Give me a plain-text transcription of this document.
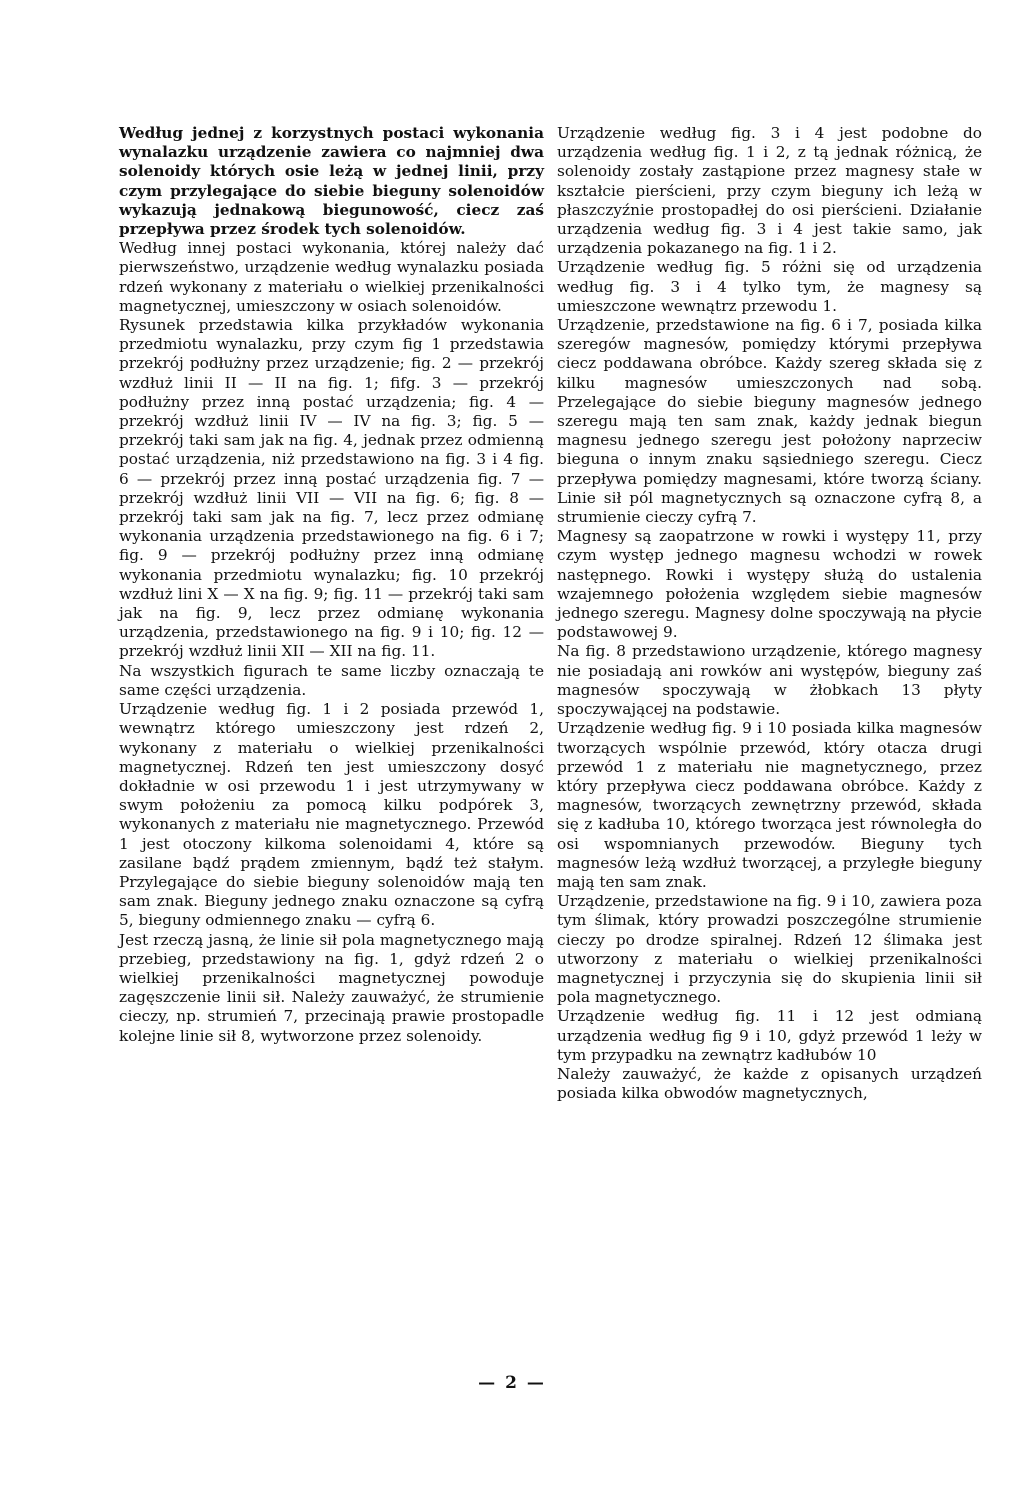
Według jednej z korzystnych postaci wykonania wynalazku urządzenie zawiera co najmniej dwa solenoidy których osie leżą w jednej linii, przy czym przylegające do siebie bieguny solenoidów wykazują jednakową biegunowość, ciecz zaś przepływa przez środek tych solenoidów.

Według innej postaci wykonania, której należy dać pierwszeństwo, urządzenie według wynalazku posiada rdzeń wykonany z materiału o wielkiej przenikalności magnetycznej, umieszczony w osiach solenoidów.

Rysunek przedstawia kilka przykładów wykonania przedmiotu wynalazku, przy czym fig 1 przedstawia przekrój podłużny przez urządzenie; fig. 2 — przekrój wzdłuż linii II — II na fig. 1; fifg. 3 — przekrój podłużny przez inną postać urządzenia; fig. 4 — przekrój wzdłuż linii IV — IV na fig. 3; fig. 5 — przekrój taki sam jak na fig. 4, jednak przez odmienną postać urządzenia, niż przedstawiono na fig. 3 i 4 fig. 6 — przekrój przez inną postać urządzenia fig. 7 — przekrój wzdłuż linii VII — VII na fig. 6; fig. 8 — przekrój taki sam jak na fig. 7, lecz przez odmianę wykonania urządzenia przedstawionego na fig. 6 i 7; fig. 9 — przekrój podłużny przez inną odmianę wykonania przedmiotu wynalazku; fig. 10 przekrój wzdłuż lini X — X na fig. 9; fig. 11 — przekrój taki sam jak na fig. 9, lecz przez odmianę wykonania urządzenia, przedstawionego na fig. 9 i 10; fig. 12 — przekrój wzdłuż linii XII — XII na fig. 11.

Na wszystkich figurach te same liczby oznaczają te same części urządzenia.

Urządzenie według fig. 1 i 2 posiada przewód 1, wewnątrz którego umieszczony jest rdzeń 2, wykonany z materiału o wielkiej przenikalności magnetycznej. Rdzeń ten jest umieszczony dosyć dokładnie w osi przewodu 1 i jest utrzymywany w swym położeniu za pomocą kilku podpórek 3, wykonanych z materiału nie magnetycznego. Przewód 1 jest otoczony kilkoma solenoidami 4, które są zasilane bądź prądem zmiennym, bądź też stałym. Przylegające do siebie bieguny solenoidów mają ten sam znak. Bieguny jednego znaku oznaczone są cyfrą 5, bieguny odmiennego znaku — cyfrą 6.

Jest rzeczą jasną, że linie sił pola magnetycznego mają przebieg, przedstawiony na fig. 1, gdyż rdzeń 2 o wielkiej przenikalności magnetycznej powoduje zagęszczenie linii sił. Należy zauważyć, że strumienie cieczy, np. strumień 7, przecinają prawie prostopadle kolejne linie sił 8, wytworzone przez solenoidy.

Urządzenie według fig. 3 i 4 jest podobne do urządzenia według fig. 1 i 2, z tą jednak różnicą, że solenoidy zostały zastąpione przez magnesy stałe w kształcie pierścieni, przy czym bieguny ich leżą w płaszczyźnie prostopadłej do osi pierścieni. Działanie urządzenia według fig. 3 i 4 jest takie samo, jak urządzenia pokazanego na fig. 1 i 2.

Urządzenie według fig. 5 różni się od urządzenia według fig. 3 i 4 tylko tym, że magnesy są umieszczone wewnątrz przewodu 1.

Urządzenie, przedstawione na fig. 6 i 7, posiada kilka szeregów magnesów, pomiędzy którymi przepływa ciecz poddawana obróbce. Każdy szereg składa się z kilku magnesów umieszczonych nad sobą. Przelegające do siebie bieguny magnesów jednego szeregu mają ten sam znak, każdy jednak biegun magnesu jednego szeregu jest położony naprzeciw bieguna o innym znaku sąsiedniego szeregu. Ciecz przepływa pomiędzy magnesami, które tworzą ściany. Linie sił pól magnetycznych są oznaczone cyfrą 8, a strumienie cieczy cyfrą 7.

Magnesy są zaopatrzone w rowki i występy 11, przy czym występ jednego magnesu wchodzi w rowek następnego. Rowki i występy służą do ustalenia wzajemnego położenia względem siebie magnesów jednego szeregu. Magnesy dolne spoczywają na płycie podstawowej 9.

Na fig. 8 przedstawiono urządzenie, którego magnesy nie posiadają ani rowków ani występów, bieguny zaś magnesów spoczywają w żłobkach 13 płyty spoczywającej na podstawie.

Urządzenie według fig. 9 i 10 posiada kilka magnesów tworzących wspólnie przewód, który otacza drugi przewód 1 z materiału nie magnetycznego, przez który przepływa ciecz poddawana obróbce. Każdy z magnesów, tworzących zewnętrzny przewód, składa się z kadłuba 10, którego tworząca jest równoległa do osi wspomnianych przewodów. Bieguny tych magnesów leżą wzdłuż tworzącej, a przyległe bieguny mają ten sam znak.

Urządzenie, przedstawione na fig. 9 i 10, zawiera poza tym ślimak, który prowadzi poszczególne strumienie cieczy po drodze spiralnej. Rdzeń 12 ślimaka jest utworzony z materiału o wielkiej przenikalności magnetycznej i przyczynia się do skupienia linii sił pola magnetycznego.

Urządzenie według fig. 11 i 12 jest odmianą urządzenia według fig 9 i 10, gdyż przewód 1 leży w tym przypadku na zewnątrz kadłubów 10

Należy zauważyć, że każde z opisanych urządzeń posiada kilka obwodów magnetycznych,

— 2 —
